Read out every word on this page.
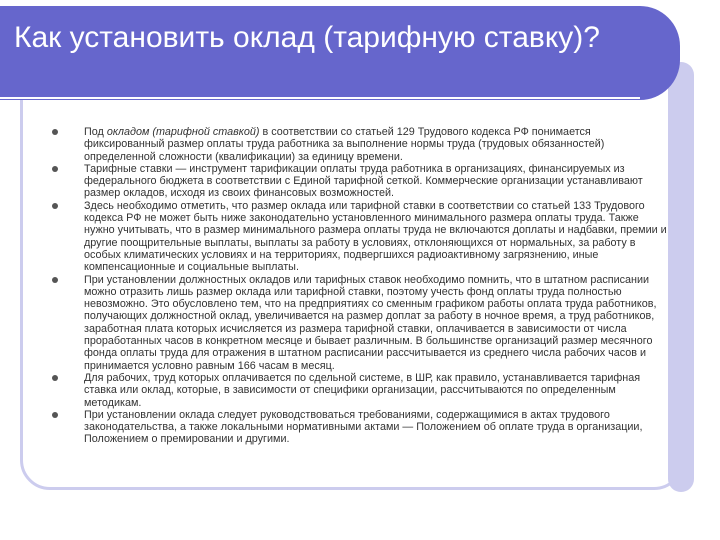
Как установить оклад (тарифную ставку)?
Под окладом (тарифной ставкой) в соответствии со статьей 129 Трудового кодекса РФ понимается фиксированный размер оплаты труда работника за выполнение нормы труда (трудовых обязанностей) определенной сложности (квалификации) за единицу времени.
Тарифные ставки — инструмент тарификации оплаты труда работника в организациях, финансируемых из федерального бюджета в соответствии с Единой тарифной сеткой. Коммерческие организации устанавливают размер окладов, исходя из своих финансовых возможностей.
Здесь необходимо отметить, что размер оклада или тарифной ставки в соответствии со статьей 133 Трудового кодекса РФ не может быть ниже законодательно установленного минимального размера оплаты труда. Также нужно учитывать, что в размер минимального размера оплаты труда не включаются доплаты и надбавки, премии и другие поощрительные выплаты, выплаты за работу в условиях, отклоняющихся от нормальных, за работу в особых климатических условиях и на территориях, подвергшихся радиоактивному загрязнению, иные компенсационные и социальные выплаты.
При установлении должностных окладов или тарифных ставок необходимо помнить, что в штатном расписании можно отразить лишь размер оклада или тарифной ставки, поэтому учесть фонд оплаты труда полностью невозможно. Это обусловлено тем, что на предприятиях со сменным графиком работы оплата труда работников, получающих должностной оклад, увеличивается на размер доплат за работу в ночное время, а труд работников, заработная плата которых исчисляется из размера тарифной ставки, оплачивается в зависимости от числа проработанных часов в конкретном месяце и бывает различным. В большинстве организаций размер месячного фонда оплаты труда для отражения в штатном расписании рассчитывается из среднего числа рабочих часов и принимается условно равным 166 часам в месяц.
Для рабочих, труд которых оплачивается по сдельной системе, в ШР, как правило, устанавливается тарифная ставка или оклад, которые, в зависимости от специфики организации, рассчитываются по определенным методикам.
При установлении оклада следует руководствоваться требованиями, содержащимися в актах трудового законодательства, а также локальными нормативными актами — Положением об оплате труда в организации, Положением о премировании и другими.
